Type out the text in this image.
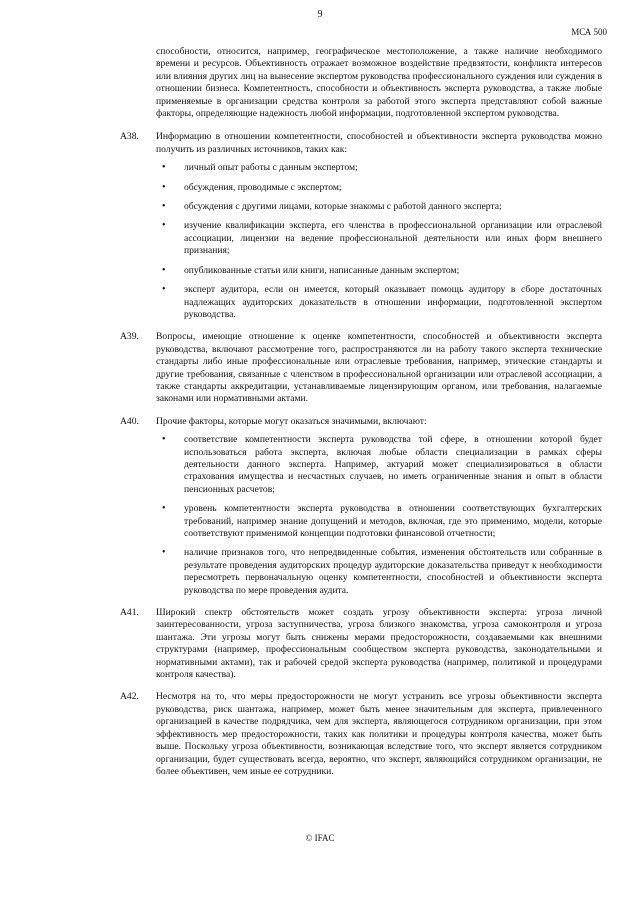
9
МСА 500

способности, относится, например, географическое местоположение, а также наличие необходимого времени и ресурсов. Объективность отражает возможное воздействие предвзятости, конфликта интересов или влияния других лиц на вынесение экспертом руководства профессионального суждения или суждения в отношении бизнеса. Компетентность, способности и объективность эксперта руководства, а также любые применяемые в организации средства контроля за работой этого эксперта представляют собой важные факторы, определяющие надежность любой информации, подготовленной экспертом руководства.

A38. Информацию в отношении компетентности, способностей и объективности эксперта руководства можно получить из различных источников, таких как:

• личный опыт работы с данным экспертом;
• обсуждения, проводимые с экспертом;
• обсуждения с другими лицами, которые знакомы с работой данного эксперта;
• изучение квалификации эксперта, его членства в профессиональной организации или отраслевой ассоциации, лицензии на ведение профессиональной деятельности или иных форм внешнего признания;
• опубликованные статьи или книги, написанные данным экспертом;
• эксперт аудитора, если он имеется, который оказывает помощь аудитору в сборе достаточных надлежащих аудиторских доказательств в отношении информации, подготовленной экспертом руководства.
A39. Вопросы, имеющие отношение к оценке компетентности, способностей и объективности эксперта руководства, включают рассмотрение того, распространяются ли на работу такого эксперта технические стандарты либо иные профессиональные или отраслевые требования, например, этические стандарты и другие требования, связанные с членством в профессиональной организации или отраслевой ассоциации, а также стандарты аккредитации, устанавливаемые лицензирующим органом, или требования, налагаемые законами или нормативными актами.

A40. Прочие факторы, которые могут оказаться значимыми, включают:

• соответствие компетентности эксперта руководства той сфере, в отношении которой будет использоваться работа эксперта, включая любые области специализации в рамках сферы деятельности данного эксперта. Например, актуарий может специализироваться в области страхования имущества и несчастных случаев, но иметь ограниченные знания и опыт в области пенсионных расчетов;
• уровень компетентности эксперта руководства в отношении соответствующих бухгалтерских требований, например знание допущений и методов, включая, где это применимо, модели, которые соответствуют применимой концепции подготовки финансовой отчетности;
• наличие признаков того, что непредвиденные события, изменения обстоятельств или собранные в результате проведения аудиторских процедур аудиторские доказательства приведут к необходимости пересмотреть первоначальную оценку компетентности, способностей и объективности эксперта руководства по мере проведения аудита.
A41. Широкий спектр обстоятельств может создать угрозу объективности эксперта: угроза личной заинтересованности, угроза заступничества, угроза близкого знакомства, угроза самоконтроля и угроза шантажа. Эти угрозы могут быть снижены мерами предосторожности, создаваемыми как внешними структурами (например, профессиональным сообществом эксперта руководства, законодательными и нормативными актами), так и рабочей средой эксперта руководства (например, политикой и процедурами контроля качества).

A42. Несмотря на то, что меры предосторожности не могут устранить все угрозы объективности эксперта руководства, риск шантажа, например, может быть менее значительным для эксперта, привлеченного организацией в качестве подрядчика, чем для эксперта, являющегося сотрудником организации, при этом эффективность мер предосторожности, таких как политики и процедуры контроля качества, может быть выше. Поскольку угроза объективности, возникающая вследствие того, что эксперт является сотрудником организации, будет существовать всегда, вероятно, что эксперт, являющийся сотрудником организации, не более объективен, чем иные ее сотрудники.

© IFAC
